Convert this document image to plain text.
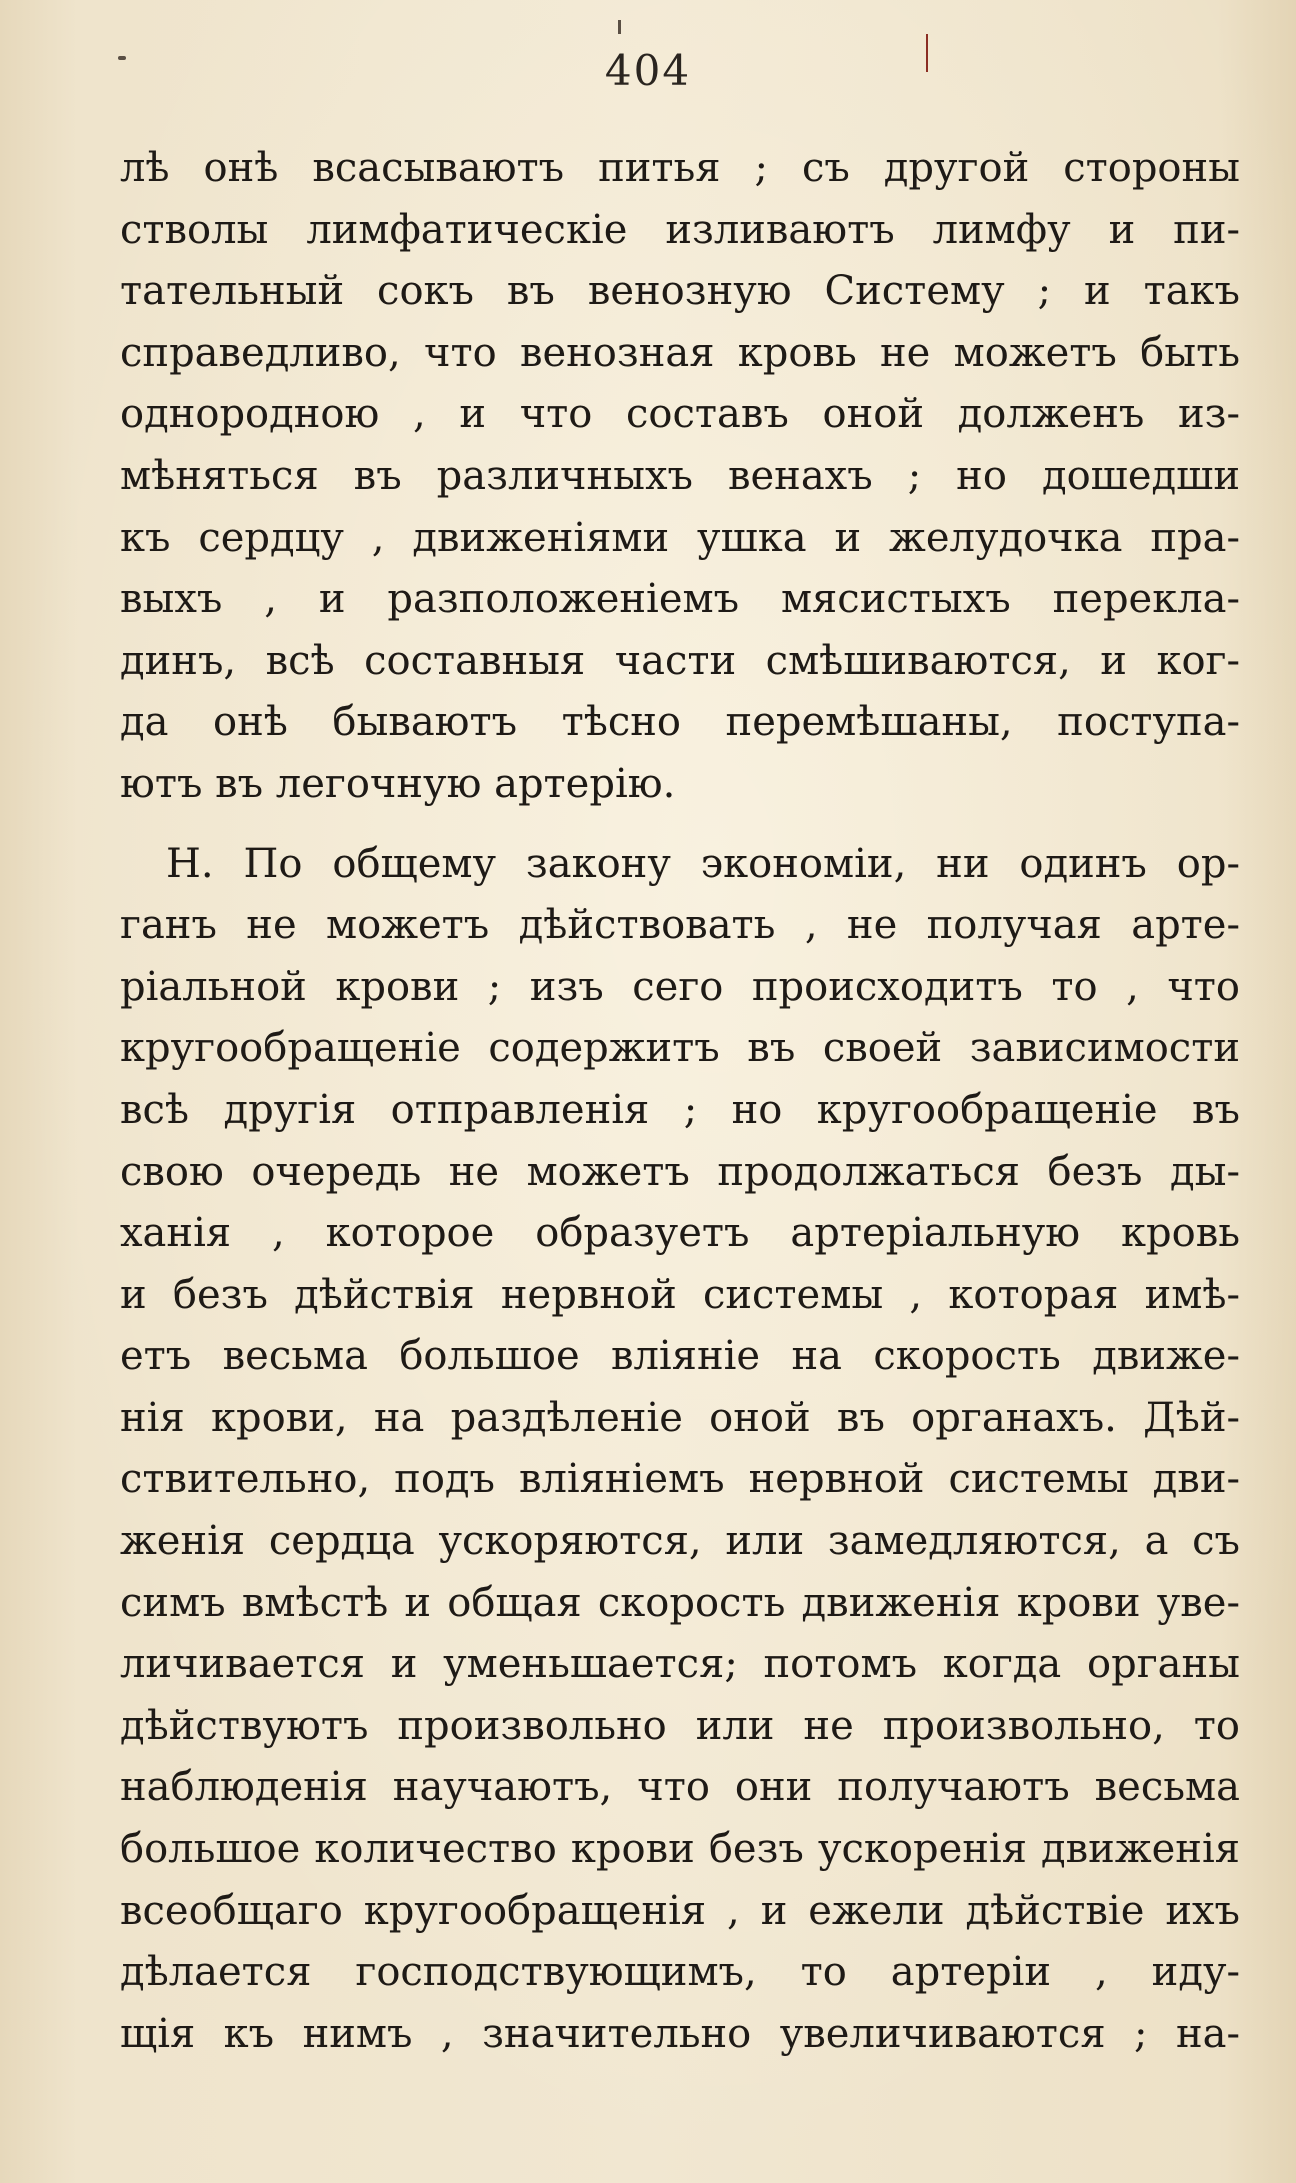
404
лѣ онѣ всасываютъ питья ; съ другой стороны
стволы лимфатическіе изливаютъ лимфу и пи-
тательный сокъ въ венозную Систему ; и такъ
справедливо, что венозная кровь не можетъ быть
однородною , и что составъ оной долженъ из-
мѣняться въ различныхъ венахъ ; но дошедши
къ сердцу , движеніями ушка и желудочка пра-
выхъ , и разположеніемъ мясистыхъ перекла-
динъ, всѣ составныя части смѣшиваются, и ког-
да онѣ бываютъ тѣсно перемѣшаны, поступа-
ютъ въ легочную артерію.
Н. По общему закону экономіи, ни одинъ ор-
ганъ не можетъ дѣйствовать , не получая арте-
ріальной крови ; изъ сего происходитъ то , что
кругообращеніе содержитъ въ своей зависимости
всѣ другія отправленія ; но кругообращеніе въ
свою очередь не можетъ продолжаться безъ ды-
ханія , которое образуетъ артеріальную кровь
и безъ дѣйствія нервной системы , которая имѣ-
етъ весьма большое вліяніе на скорость движе-
нія крови, на раздѣленіе оной въ органахъ. Дѣй-
ствительно, подъ вліяніемъ нервной системы дви-
женія сердца ускоряются, или замедляются, а съ
симъ вмѣстѣ и общая скорость движенія крови уве-
личивается и уменьшается; потомъ когда органы
дѣйствуютъ произвольно или не произвольно, то
наблюденія научаютъ, что они получаютъ весьма
большое количество крови безъ ускоренія движенія
всеобщаго кругообращенія , и ежели дѣйствіе ихъ
дѣлается господствующимъ, то артеріи , иду-
щія къ нимъ , значительно увеличиваются ; на-
